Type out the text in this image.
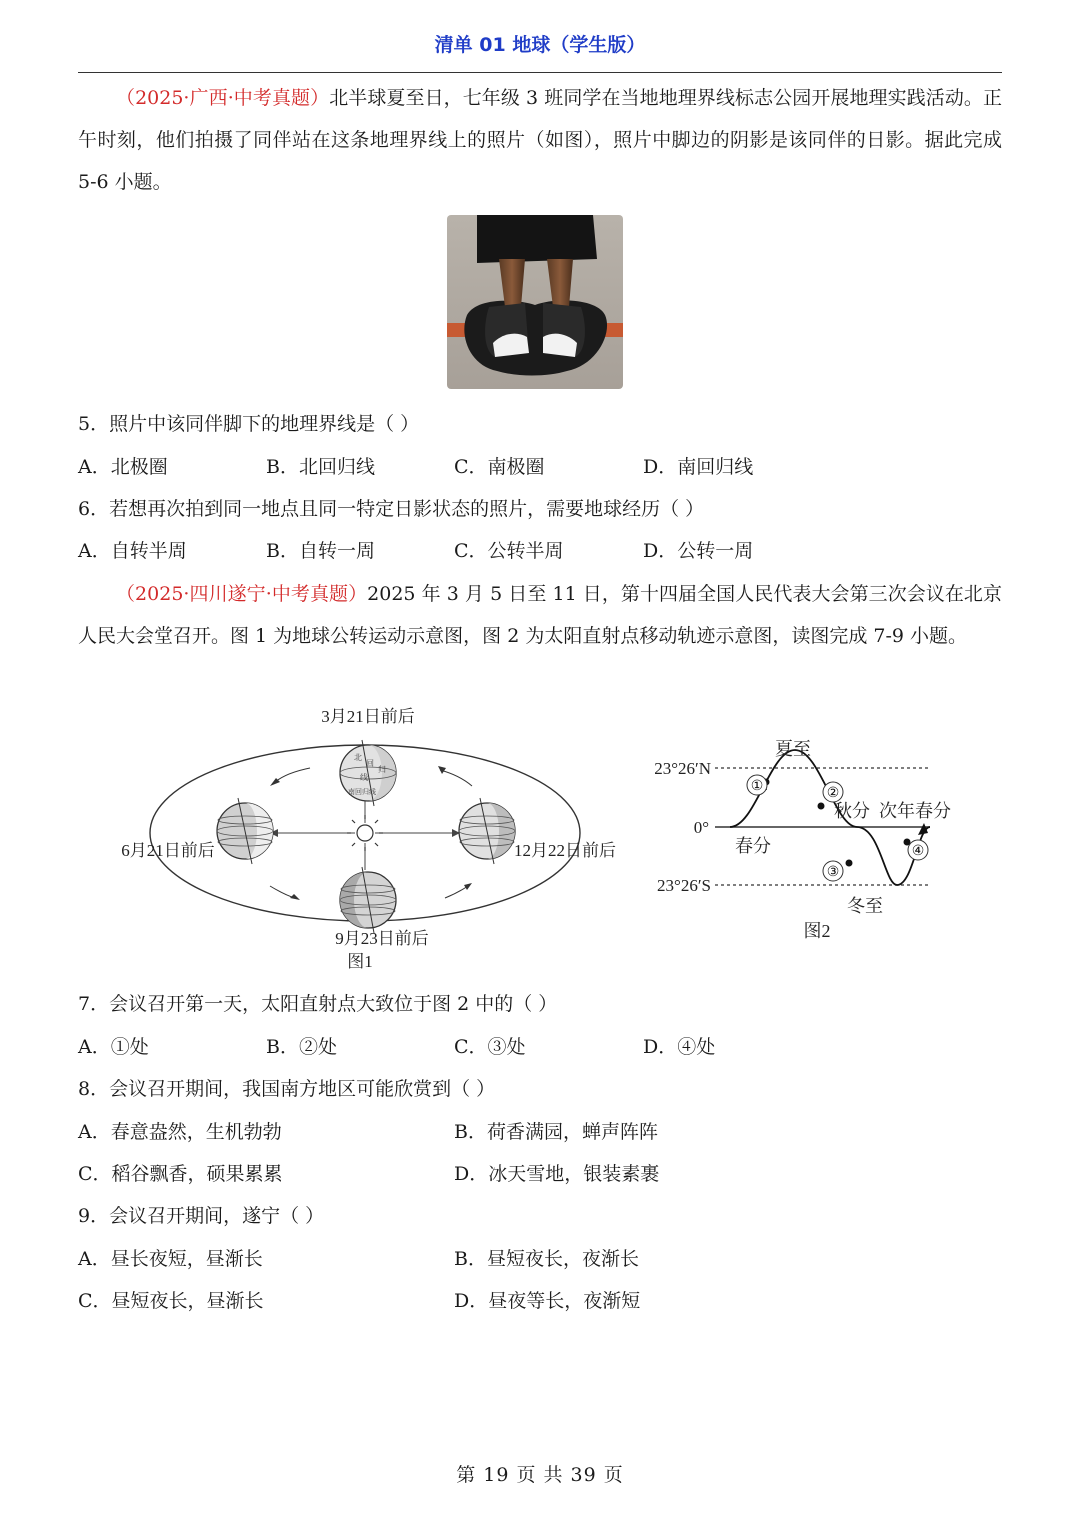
清单 01 地球（学生版）
（2025·广西·中考真题）北半球夏至日，七年级 3 班同学在当地地理界线标志公园开展地理实践活动。正午时刻，他们拍摄了同伴站在这条地理界线上的照片（如图），照片中脚边的阴影是该同伴的日影。据此完成 5-6 小题。
5．照片中该同伴脚下的地理界线是（ ）
A．北极圈	B．北回归线	C．南极圈	D．南回归线
6．若想再次拍到同一地点且同一特定日影状态的照片，需要地球经历（ ）
A．自转半周	B．自转一周	C．公转半周	D．公转一周
（2025·四川遂宁·中考真题）2025 年 3 月 5 日至 11 日，第十四届全国人民代表大会第三次会议在北京人民大会堂召开。图 1 为地球公转运动示意图，图 2 为太阳直射点移动轨迹示意图，读图完成 7-9 小题。
北
回
归
线
南回归线
3月21日前后
6月21日前后	12月22日前后
9月23日前后
图1
①	②
③
④
23°26′N
0°
23°26′S
夏至
秋分 次年春分
春分
冬至
图2
7．会议召开第一天，太阳直射点大致位于图 2 中的（ ）
A．①处	B．②处	C．③处	D．④处
8．会议召开期间，我国南方地区可能欣赏到（ ）
A．春意盎然，生机勃勃	B．荷香满园，蝉声阵阵
C．稻谷飘香，硕果累累	D．冰天雪地，银装素裹
9．会议召开期间，遂宁（ ）
A．昼长夜短，昼渐长	B．昼短夜长，夜渐长
C．昼短夜长，昼渐长	D．昼夜等长，夜渐短
第 19 页 共 39 页
